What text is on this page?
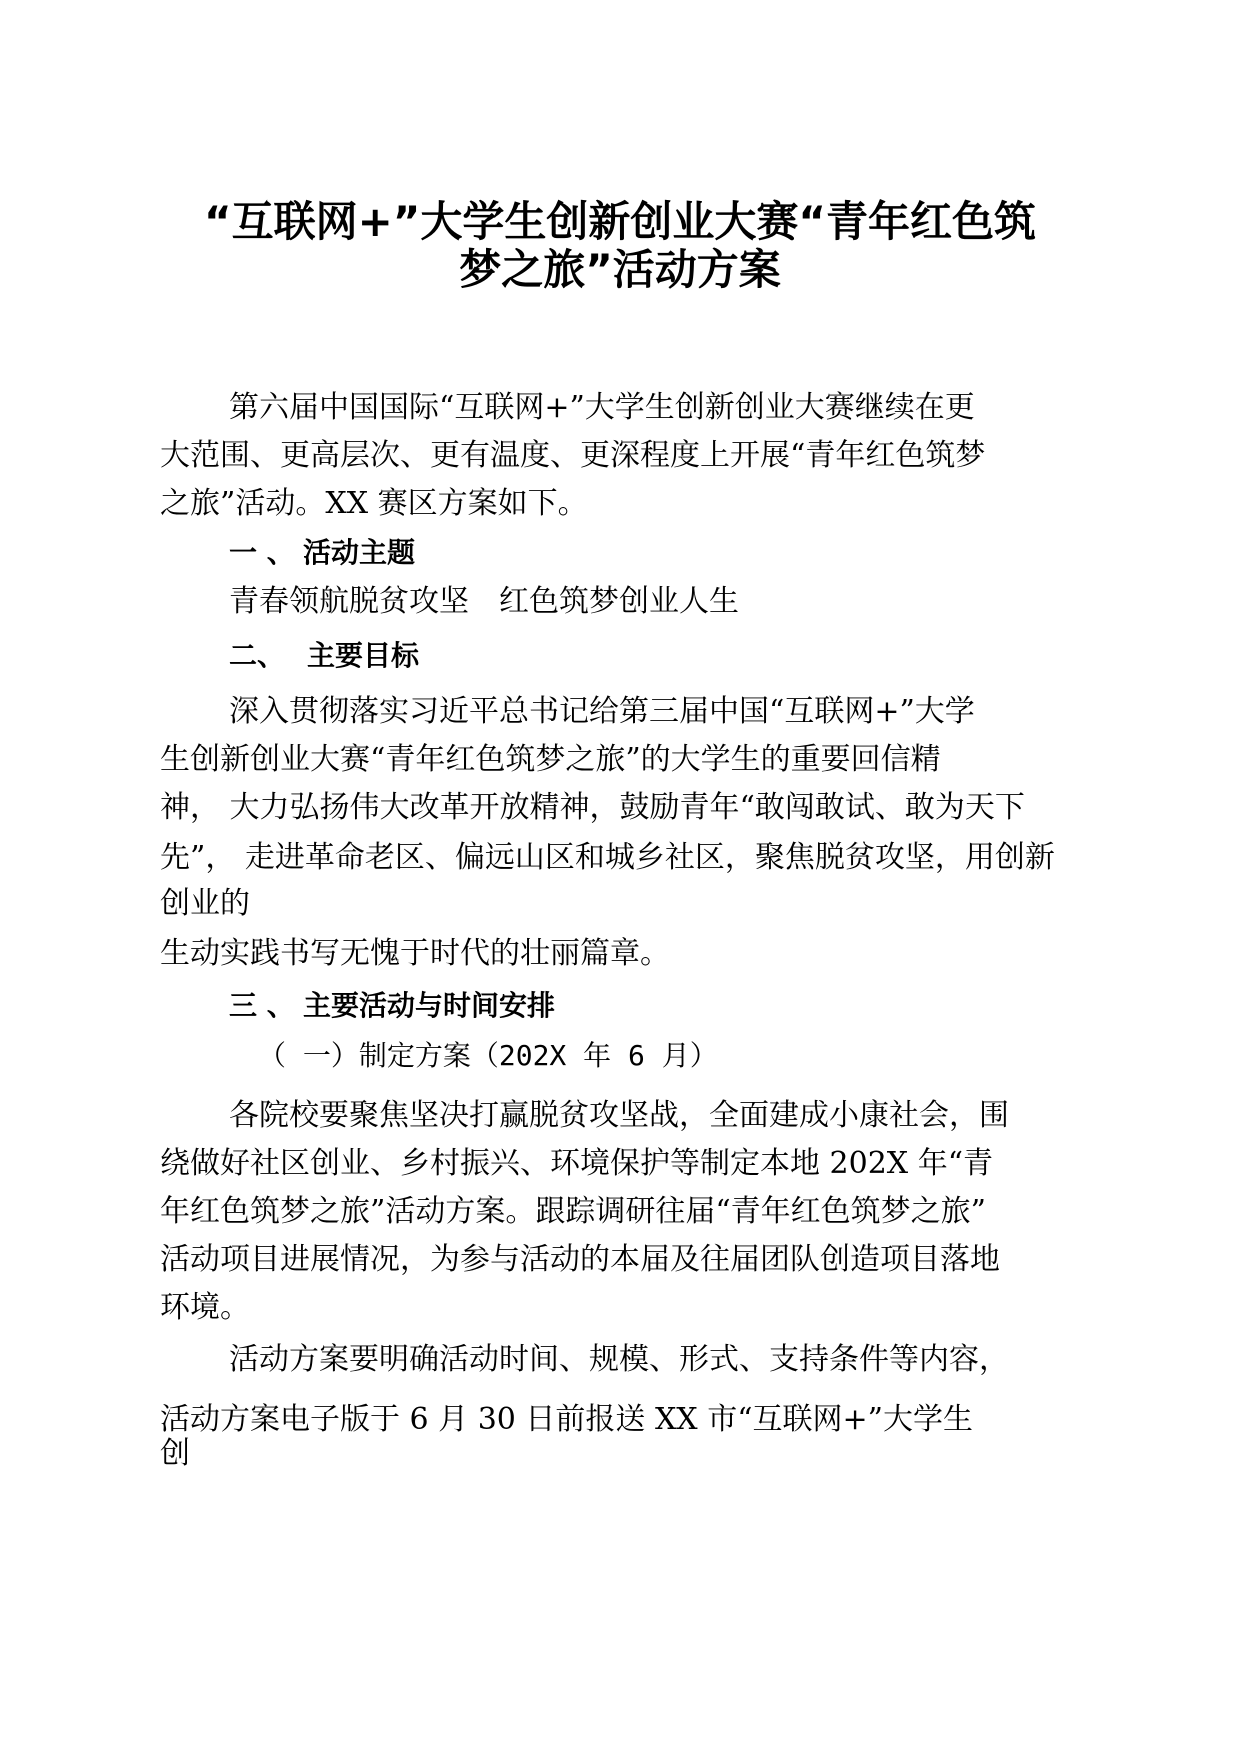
“互联网+”大学生创新创业大赛“青年红色筑
梦之旅”活动方案
第六届中国国际“互联网+”大学生创新创业大赛继续在更
大范围、更高层次、更有温度、更深程度上开展“青年红色筑梦
之旅”活动。XX 赛区方案如下。
一 、 活动主题
青春领航脱贫攻坚　红色筑梦创业人生
二、 主要目标
深入贯彻落实习近平总书记给第三届中国“互联网+”大学
生创新创业大赛“青年红色筑梦之旅”的大学生的重要回信精
神， 大力弘扬伟大改革开放精神，鼓励青年“敢闯敢试、敢为天下
先”， 走进革命老区、偏远山区和城乡社区，聚焦脱贫攻坚，用创新
创业的
生动实践书写无愧于时代的壮丽篇章。
三 、 主要活动与时间安排
（ 一）制定方案（202X 年 6 月）
各院校要聚焦坚决打赢脱贫攻坚战，全面建成小康社会，围
绕做好社区创业、乡村振兴、环境保护等制定本地 202X 年“青
年红色筑梦之旅”活动方案。跟踪调研往届“青年红色筑梦之旅”
活动项目进展情况，为参与活动的本届及往届团队创造项目落地
环境。
活动方案要明确活动时间、规模、形式、支持条件等内容，
活动方案电子版于 6 月 30 日前报送 XX 市“互联网+”大学生
创
